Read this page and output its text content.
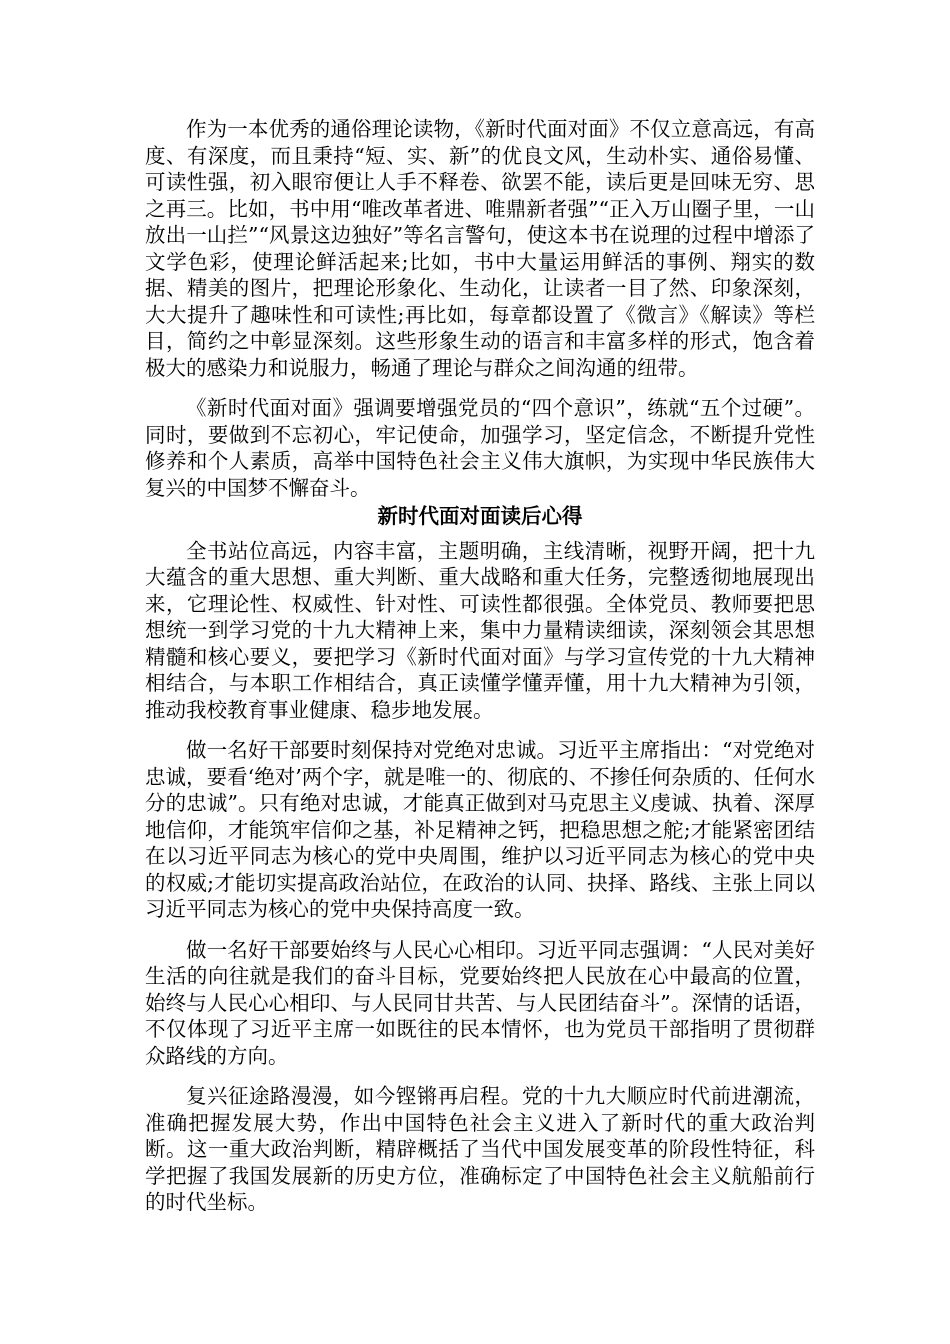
作为一本优秀的通俗理论读物，《新时代面对面》不仅立意高远，有高度、有深度，而且秉持“短、实、新”的优良文风，生动朴实、通俗易懂、可读性强，初入眼帘便让人手不释卷、欲罢不能，读后更是回味无穷、思之再三。比如，书中用“唯改革者进、唯鼎新者强”“正入万山圈子里，一山放出一山拦”“风景这边独好”等名言警句，使这本书在说理的过程中增添了文学色彩，使理论鲜活起来;比如，书中大量运用鲜活的事例、翔实的数据、精美的图片，把理论形象化、生动化，让读者一目了然、印象深刻，大大提升了趣味性和可读性;再比如，每章都设置了《微言》《解读》等栏目，简约之中彰显深刻。这些形象生动的语言和丰富多样的形式，饱含着极大的感染力和说服力，畅通了理论与群众之间沟通的纽带。

《新时代面对面》强调要增强党员的“四个意识”，练就“五个过硬”。同时，要做到不忘初心，牢记使命，加强学习，坚定信念，不断提升党性修养和个人素质，高举中国特色社会主义伟大旗帜，为实现中华民族伟大复兴的中国梦不懈奋斗。

新时代面对面读后心得

全书站位高远，内容丰富，主题明确，主线清晰，视野开阔，把十九大蕴含的重大思想、重大判断、重大战略和重大任务，完整透彻地展现出来，它理论性、权威性、针对性、可读性都很强。全体党员、教师要把思想统一到学习党的十九大精神上来，集中力量精读细读，深刻领会其思想精髓和核心要义，要把学习《新时代面对面》与学习宣传党的十九大精神相结合，与本职工作相结合，真正读懂学懂弄懂，用十九大精神为引领，推动我校教育事业健康、稳步地发展。

做一名好干部要时刻保持对党绝对忠诚。习近平主席指出：“对党绝对忠诚，要看‘绝对’两个字，就是唯一的、彻底的、不掺任何杂质的、任何水分的忠诚”。只有绝对忠诚，才能真正做到对马克思主义虔诚、执着、深厚地信仰，才能筑牢信仰之基，补足精神之钙，把稳思想之舵;才能紧密团结在以习近平同志为核心的党中央周围，维护以习近平同志为核心的党中央的权威;才能切实提高政治站位，在政治的认同、抉择、路线、主张上同以习近平同志为核心的党中央保持高度一致。

做一名好干部要始终与人民心心相印。习近平同志强调：“人民对美好生活的向往就是我们的奋斗目标，党要始终把人民放在心中最高的位置，始终与人民心心相印、与人民同甘共苦、与人民团结奋斗”。深情的话语，不仅体现了习近平主席一如既往的民本情怀，也为党员干部指明了贯彻群众路线的方向。

复兴征途路漫漫，如今铿锵再启程。党的十九大顺应时代前进潮流，准确把握发展大势，作出中国特色社会主义进入了新时代的重大政治判断。这一重大政治判断，精辟概括了当代中国发展变革的阶段性特征，科学把握了我国发展新的历史方位，准确标定了中国特色社会主义航船前行的时代坐标。
